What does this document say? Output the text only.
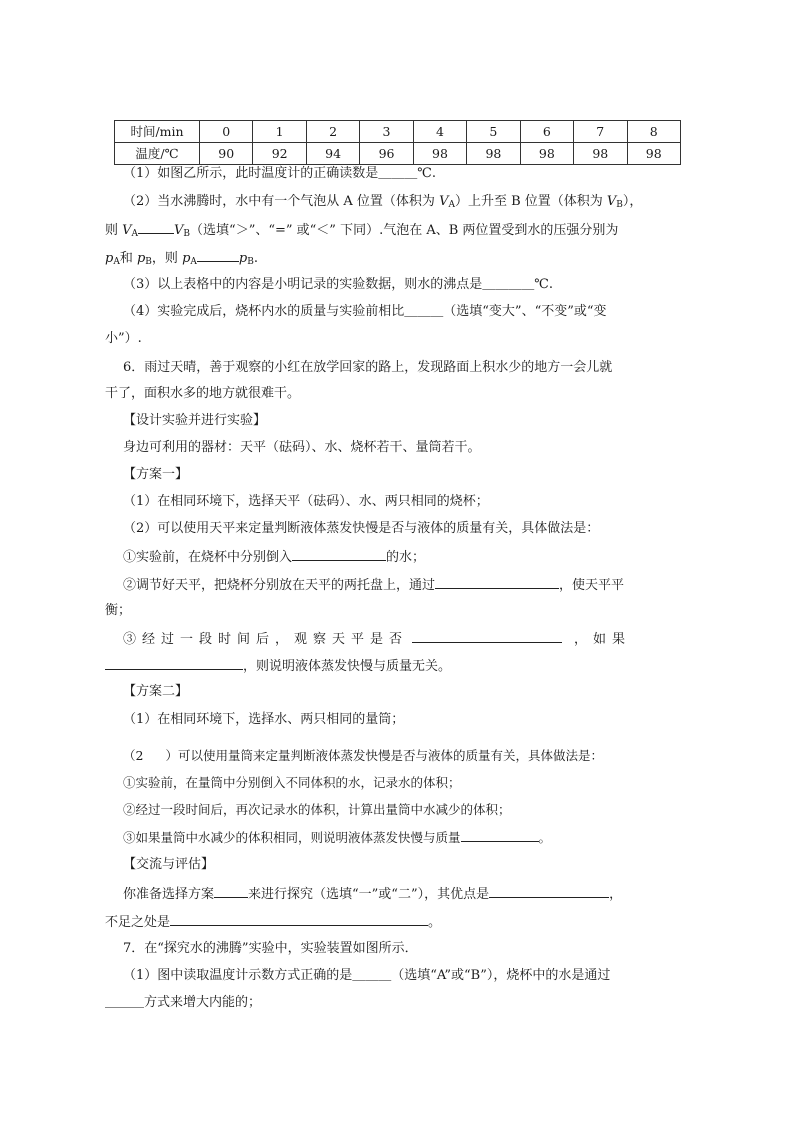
时间/min	0	1	2	3	4	5	6	7	8
温度/℃	90	92	94	96	98	98	98	98	98
（1）如图乙所示，此时温度计的正确读数是＿＿＿℃.
（2）当水沸腾时，水中有一个气泡从 A 位置（体积为 $V_A$）上升至 B 位置（体积为 $V_B$），
则 $V_A$	$V_B$（选填“＞”、“=” 或“＜” 下同）.气泡在 A、B 两位置受到水的压强分别为
$p_A$和 $p_B$，则 $p_A$	$p_B$.
（3）以上表格中的内容是小明记录的实验数据，则水的沸点是＿＿＿＿℃.
（4）实验完成后，烧杯内水的质量与实验前相比＿＿＿（选填“变大”、“不变”或“变
小”）.
6．雨过天晴，善于观察的小红在放学回家的路上，发现路面上积水少的地方一会儿就
干了，面积水多的地方就很难干。
【设计实验并进行实验】
身边可利用的器材：天平（砝码）、水、烧杯若干、量筒若干。
【方案一】
（1）在相同环境下，选择天平（砝码）、水、两只相同的烧杯；
（2）可以使用天平来定量判断液体蒸发快慢是否与液体的质量有关，具体做法是：
①实验前，在烧杯中分别倒入	的水；
②调节好天平，把烧杯分别放在天平的两托盘上，通过	，使天平平
衡；
③经过一段时间后，观察天平是否	，如果
，则说明液体蒸发快慢与质量无关。
【方案二】
（1）在相同环境下，选择水、两只相同的量筒；
（2 ）可以使用量筒来定量判断液体蒸发快慢是否与液体的质量有关，具体做法是：
①实验前，在量筒中分别倒入不同体积的水，记录水的体积；
②经过一段时间后，再次记录水的体积，计算出量筒中水减少的体积；
③如果量筒中水减少的体积相同，则说明液体蒸发快慢与质量	。
【交流与评估】
你准备选择方案	来进行探究（选填“一”或“二”），其优点是	，
不足之处是	。
7．在“探究水的沸腾”实验中，实验装置如图所示．
（1）图中读取温度计示数方式正确的是＿＿＿（选填“A”或“B”），烧杯中的水是通过
＿＿＿方式来增大内能的；
